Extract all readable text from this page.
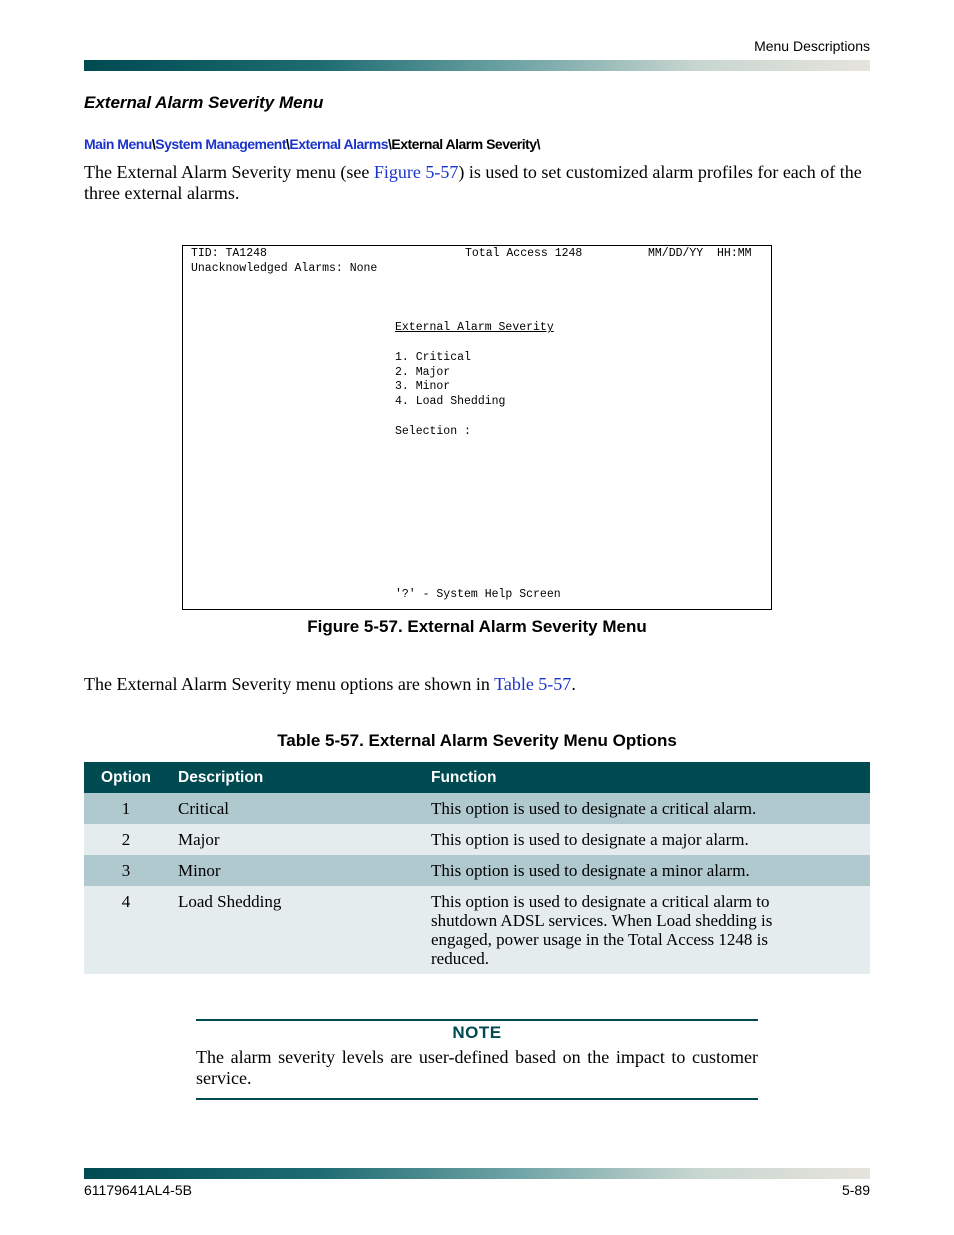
Menu Descriptions
External Alarm Severity Menu
Main Menu\System Management\External Alarms\External Alarm Severity\
The External Alarm Severity menu (see Figure 5-57) is used to set customized alarm profiles for each of the three external alarms.
TID: TA1248	Total Access 1248	MM/DD/YY  HH:MM
Unacknowledged Alarms: None
External Alarm Severity
1. Critical
2. Major
3. Minor
4. Load Shedding
Selection :
'?' - System Help Screen
Figure 5-57. External Alarm Severity Menu
The External Alarm Severity menu options are shown in Table 5-57.
Table 5-57. External Alarm Severity Menu Options
Option	Description	Function
1	Critical	This option is used to designate a critical alarm.
2	Major	This option is used to designate a major alarm.
3	Minor	This option is used to designate a minor alarm.
4	Load Shedding	This option is used to designate a critical alarm to shutdown ADSL services. When Load shedding is engaged, power usage in the Total Access 1248 is reduced.
NOTE
The alarm severity levels are user-defined based on the impact to customer service.
61179641AL4-5B	5-89
